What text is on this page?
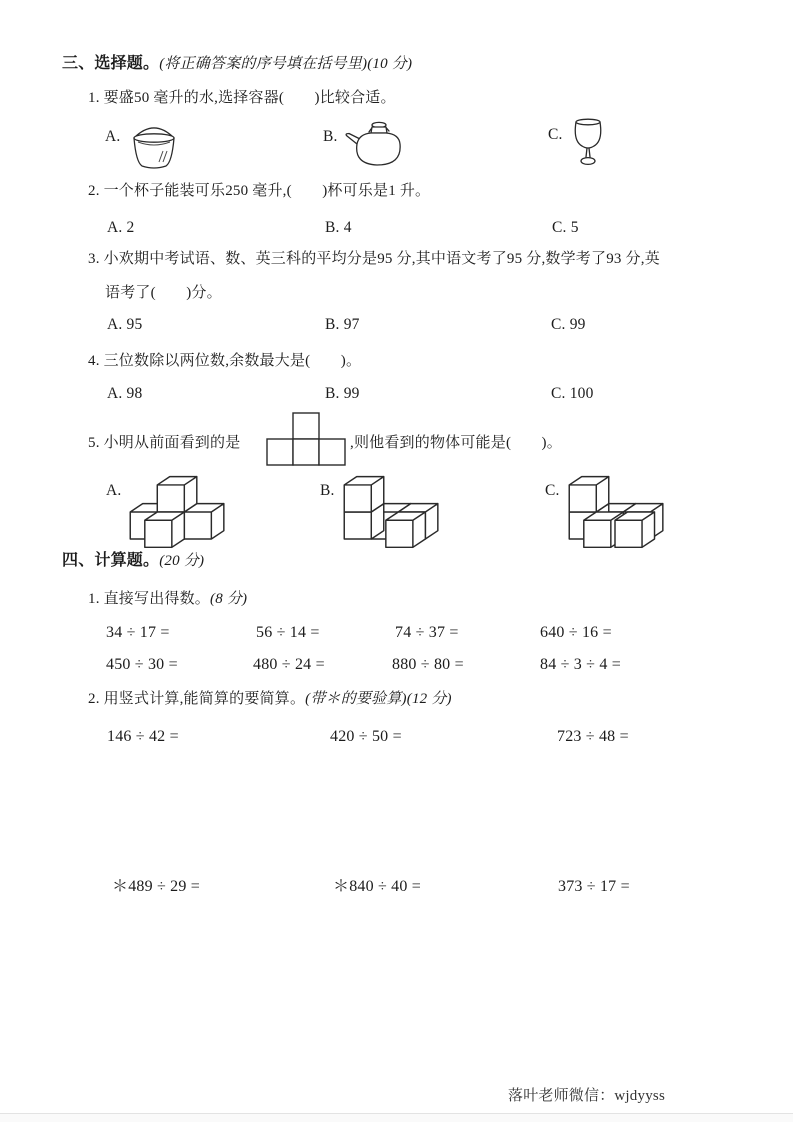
三、选择题。(将正确答案的序号填在括号里)(10 分)
1. 要盛50 毫升的水,选择容器(　　)比较合适。
A.	B.	C.
2. 一个杯子能装可乐250 毫升,(　　)杯可乐是1 升。
A. 2	B. 4	C. 5
3. 小欢期中考试语、数、英三科的平均分是95 分,其中语文考了95 分,数学考了93 分,英
语考了(　　)分。
A. 95	B. 97	C. 99
4. 三位数除以两位数,余数最大是(　　)。
A. 98	B. 99	C. 100
5. 小明从前面看到的是	,则他看到的物体可能是(　　)。
A.	B.	C.
四、计算题。(20 分)
1. 直接写出得数。(8 分)
34 ÷ 17 =	56 ÷ 14 =	74 ÷ 37 =	640 ÷ 16 =
450 ÷ 30 =	480 ÷ 24 =	880 ÷ 80 =	84 ÷ 3 ÷ 4 =
2. 用竖式计算,能简算的要简算。(带＊的要验算)(12 分)
146 ÷ 42 =	420 ÷ 50 =	723 ÷ 48 =
＊489 ÷ 29 =	＊840 ÷ 40 =	373 ÷ 17 =
落叶老师微信：wjdyyss
